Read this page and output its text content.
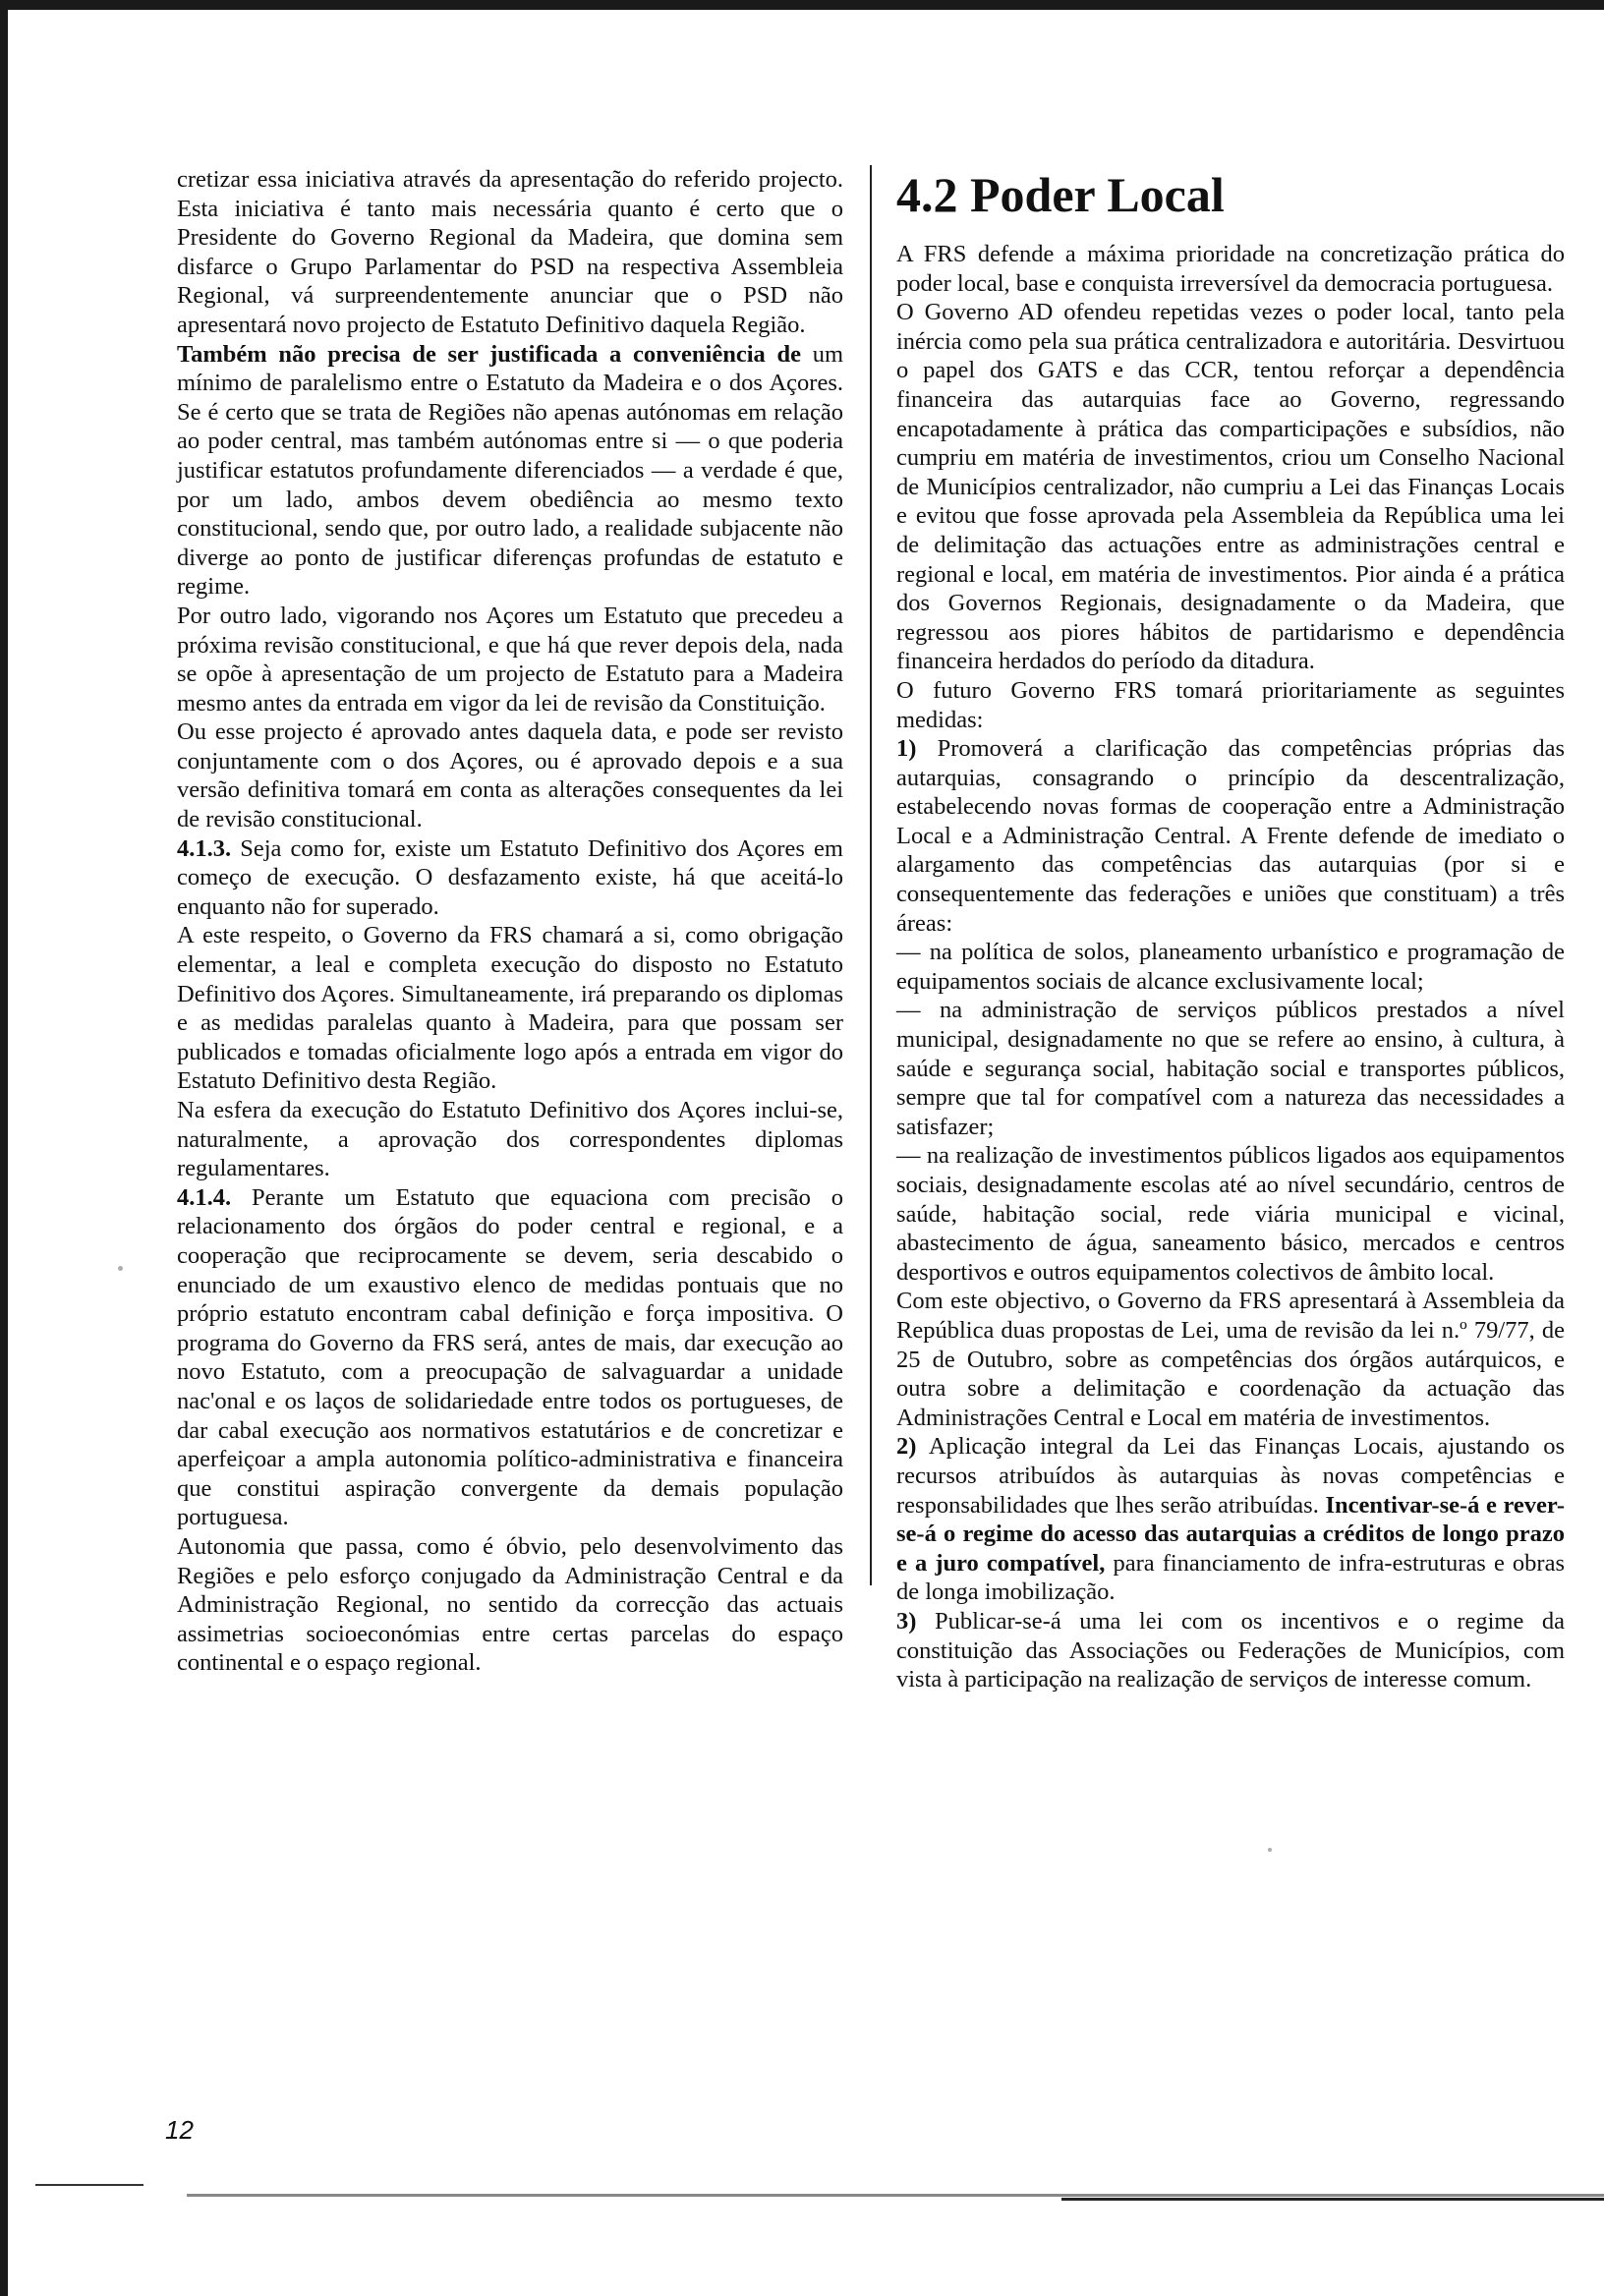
cretizar essa iniciativa através da apresentação do referido projecto. Esta iniciativa é tanto mais necessária quanto é certo que o Presidente do Governo Regional da Madeira, que domina sem disfarce o Grupo Parlamentar do PSD na respectiva Assembleia Regional, vá surpreendentemente anunciar que o PSD não apresentará novo projecto de Estatuto Definitivo daquela Região.

Também não precisa de ser justificada a conveniência de um mínimo de paralelismo entre o Estatuto da Madeira e o dos Açores. Se é certo que se trata de Regiões não apenas autónomas em relação ao poder central, mas também autónomas entre si — o que poderia justificar estatutos profundamente diferenciados — a verdade é que, por um lado, ambos devem obediência ao mesmo texto constitucional, sendo que, por outro lado, a realidade subjacente não diverge ao ponto de justificar diferenças profundas de estatuto e regime.

Por outro lado, vigorando nos Açores um Estatuto que precedeu a próxima revisão constitucional, e que há que rever depois dela, nada se opõe à apresentação de um projecto de Estatuto para a Madeira mesmo antes da entrada em vigor da lei de revisão da Constituição.

Ou esse projecto é aprovado antes daquela data, e pode ser revisto conjuntamente com o dos Açores, ou é aprovado depois e a sua versão definitiva tomará em conta as alterações consequentes da lei de revisão constitucional.

4.1.3. Seja como for, existe um Estatuto Definitivo dos Açores em começo de execução. O desfazamento existe, há que aceitá-lo enquanto não for superado.

A este respeito, o Governo da FRS chamará a si, como obrigação elementar, a leal e completa execução do disposto no Estatuto Definitivo dos Açores. Simultaneamente, irá preparando os diplomas e as medidas paralelas quanto à Madeira, para que possam ser publicados e tomadas oficialmente logo após a entrada em vigor do Estatuto Definitivo desta Região.

Na esfera da execução do Estatuto Definitivo dos Açores inclui-se, naturalmente, a aprovação dos correspondentes diplomas regulamentares.

4.1.4. Perante um Estatuto que equaciona com precisão o relacionamento dos órgãos do poder central e regional, e a cooperação que reciprocamente se devem, seria descabido o enunciado de um exaustivo elenco de medidas pontuais que no próprio estatuto encontram cabal definição e força impositiva. O programa do Governo da FRS será, antes de mais, dar execução ao novo Estatuto, com a preocupação de salvaguardar a unidade nac'onal e os laços de solidariedade entre todos os portugueses, de dar cabal execução aos normativos estatutários e de concretizar e aperfeiçoar a ampla autonomia político-administrativa e financeira que constitui aspiração convergente da demais população portuguesa.

Autonomia que passa, como é óbvio, pelo desenvolvimento das Regiões e pelo esforço conjugado da Administração Central e da Administração Regional, no sentido da correcção das actuais assimetrias socioeconómias entre certas parcelas do espaço continental e o espaço regional.

4.2 Poder Local

A FRS defende a máxima prioridade na concretização prática do poder local, base e conquista irreversível da democracia portuguesa.

O Governo AD ofendeu repetidas vezes o poder local, tanto pela inércia como pela sua prática centralizadora e autoritária. Desvirtuou o papel dos GATS e das CCR, tentou reforçar a dependência financeira das autarquias face ao Governo, regressando encapotadamente à prática das comparticipações e subsídios, não cumpriu em matéria de investimentos, criou um Conselho Nacional de Municípios centralizador, não cumpriu a Lei das Finanças Locais e evitou que fosse aprovada pela Assembleia da República uma lei de delimitação das actuações entre as administrações central e regional e local, em matéria de investimentos. Pior ainda é a prática dos Governos Regionais, designadamente o da Madeira, que regressou aos piores hábitos de partidarismo e dependência financeira herdados do período da ditadura.

O futuro Governo FRS tomará prioritariamente as seguintes medidas:

1) Promoverá a clarificação das competências próprias das autarquias, consagrando o princípio da descentralização, estabelecendo novas formas de cooperação entre a Administração Local e a Administração Central. A Frente defende de imediato o alargamento das competências das autarquias (por si e consequentemente das federações e uniões que constituam) a três áreas:

— na política de solos, planeamento urbanístico e programação de equipamentos sociais de alcance exclusivamente local;

— na administração de serviços públicos prestados a nível municipal, designadamente no que se refere ao ensino, à cultura, à saúde e segurança social, habitação social e transportes públicos, sempre que tal for compatível com a natureza das necessidades a satisfazer;

— na realização de investimentos públicos ligados aos equipamentos sociais, designadamente escolas até ao nível secundário, centros de saúde, habitação social, rede viária municipal e vicinal, abastecimento de água, saneamento básico, mercados e centros desportivos e outros equipamentos colectivos de âmbito local.

Com este objectivo, o Governo da FRS apresentará à Assembleia da República duas propostas de Lei, uma de revisão da lei n.º 79/77, de 25 de Outubro, sobre as competências dos órgãos autárquicos, e outra sobre a delimitação e coordenação da actuação das Administrações Central e Local em matéria de investimentos.

2) Aplicação integral da Lei das Finanças Locais, ajustando os recursos atribuídos às autarquias às novas competências e responsabilidades que lhes serão atribuídas. Incentivar-se-á e rever-se-á o regime do acesso das autarquias a créditos de longo prazo e a juro compatível, para financiamento de infra-estruturas e obras de longa imobilização.

3) Publicar-se-á uma lei com os incentivos e o regime da constituição das Associações ou Federações de Municípios, com vista à participação na realização de serviços de interesse comum.

12
